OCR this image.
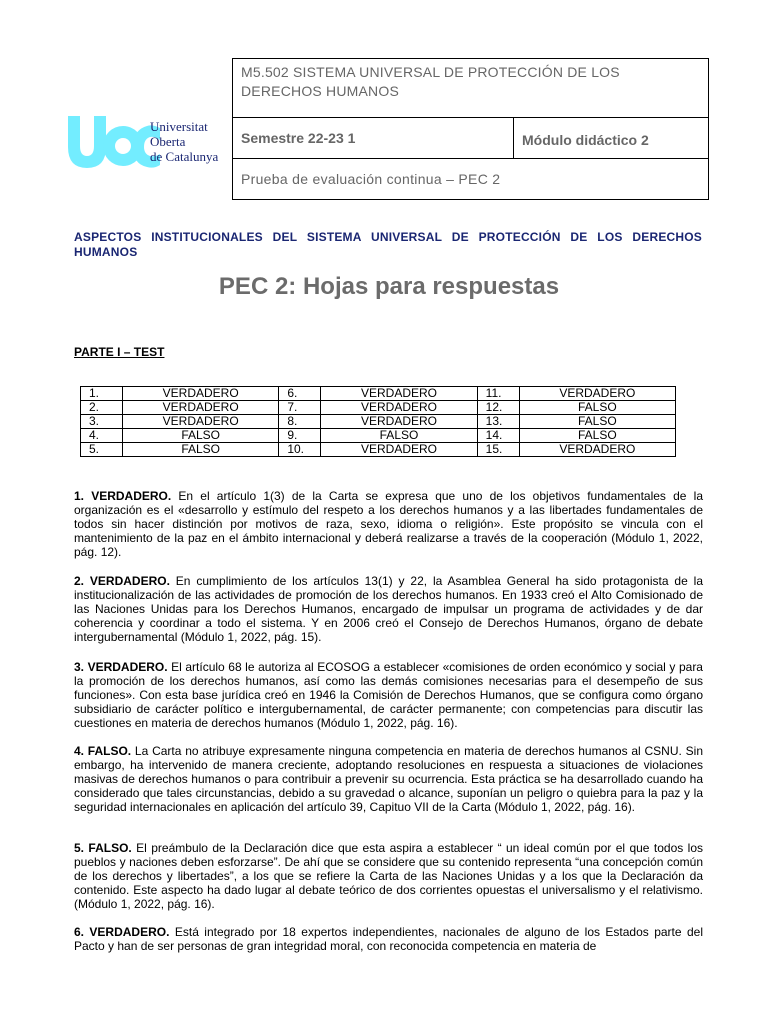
Universitat
Oberta
de Catalunya
M5.502 SISTEMA UNIVERSAL DE PROTECCIÓN DE LOS DERECHOS HUMANOS
Semestre 22-23 1	Módulo didáctico 2
Prueba de evaluación continua – PEC 2
ASPECTOS INSTITUCIONALES DEL SISTEMA UNIVERSAL DE PROTECCIÓN DE LOS DERECHOS HUMANOS
PEC 2: Hojas para respuestas
PARTE I – TEST
1.	VERDADERO	6.	VERDADERO	11.	VERDADERO
2.	VERDADERO	7.	VERDADERO	12.	FALSO
3.	VERDADERO	8.	VERDADERO	13.	FALSO
4.	FALSO	9.	FALSO	14.	FALSO
5.	FALSO	10.	VERDADERO	15.	VERDADERO
1. VERDADERO. En el artículo 1(3) de la Carta se expresa que uno de los objetivos fundamentales de la organización es el «desarrollo y estímulo del respeto a los derechos humanos y a las libertades fundamentales de todos sin hacer distinción por motivos de raza, sexo, idioma o religión». Este propósito se vincula con el mantenimiento de la paz en el ámbito internacional y deberá realizarse a través de la cooperación (Módulo 1, 2022, pág. 12).
2. VERDADERO. En cumplimiento de los artículos 13(1) y 22, la Asamblea General ha sido protagonista de la institucionalización de las actividades de promoción de los derechos humanos. En 1933 creó el Alto Comisionado de las Naciones Unidas para los Derechos Humanos, encargado de impulsar un programa de actividades y de dar coherencia y coordinar a todo el sistema. Y en 2006 creó el Consejo de Derechos Humanos, órgano de debate intergubernamental (Módulo 1, 2022, pág. 15).
3. VERDADERO. El artículo 68 le autoriza al ECOSOG a establecer «comisiones de orden económico y social y para la promoción de los derechos humanos, así como las demás comisiones necesarias para el desempeño de sus funciones». Con esta base jurídica creó en 1946 la Comisión de Derechos Humanos, que se configura como órgano subsidiario de carácter político e intergubernamental, de carácter permanente; con competencias para discutir las cuestiones en materia de derechos humanos (Módulo 1, 2022, pág. 16).
4. FALSO. La Carta no atribuye expresamente ninguna competencia en materia de derechos humanos al CSNU. Sin embargo, ha intervenido de manera creciente, adoptando resoluciones en respuesta a situaciones de violaciones masivas de derechos humanos o para contribuir a prevenir su ocurrencia. Esta práctica se ha desarrollado cuando ha considerado que tales circunstancias, debido a su gravedad o alcance, suponían un peligro o quiebra para la paz y la seguridad internacionales en aplicación del artículo 39, Capituo VII de la Carta (Módulo 1, 2022, pág. 16).
5. FALSO. El preámbulo de la Declaración dice que esta aspira a establecer “ un ideal común por el que todos los pueblos y naciones deben esforzarse”. De ahí que se considere que su contenido representa “una concepción común de los derechos y libertades”, a los que se refiere la Carta de las Naciones Unidas y a los que la Declaración da contenido. Este aspecto ha dado lugar al debate teórico de dos corrientes opuestas el universalismo y el relativismo. (Módulo 1, 2022, pág. 16).
6. VERDADERO. Está integrado por 18 expertos independientes, nacionales de alguno de los Estados parte del Pacto y han de ser personas de gran integridad moral, con reconocida competencia en materia de
